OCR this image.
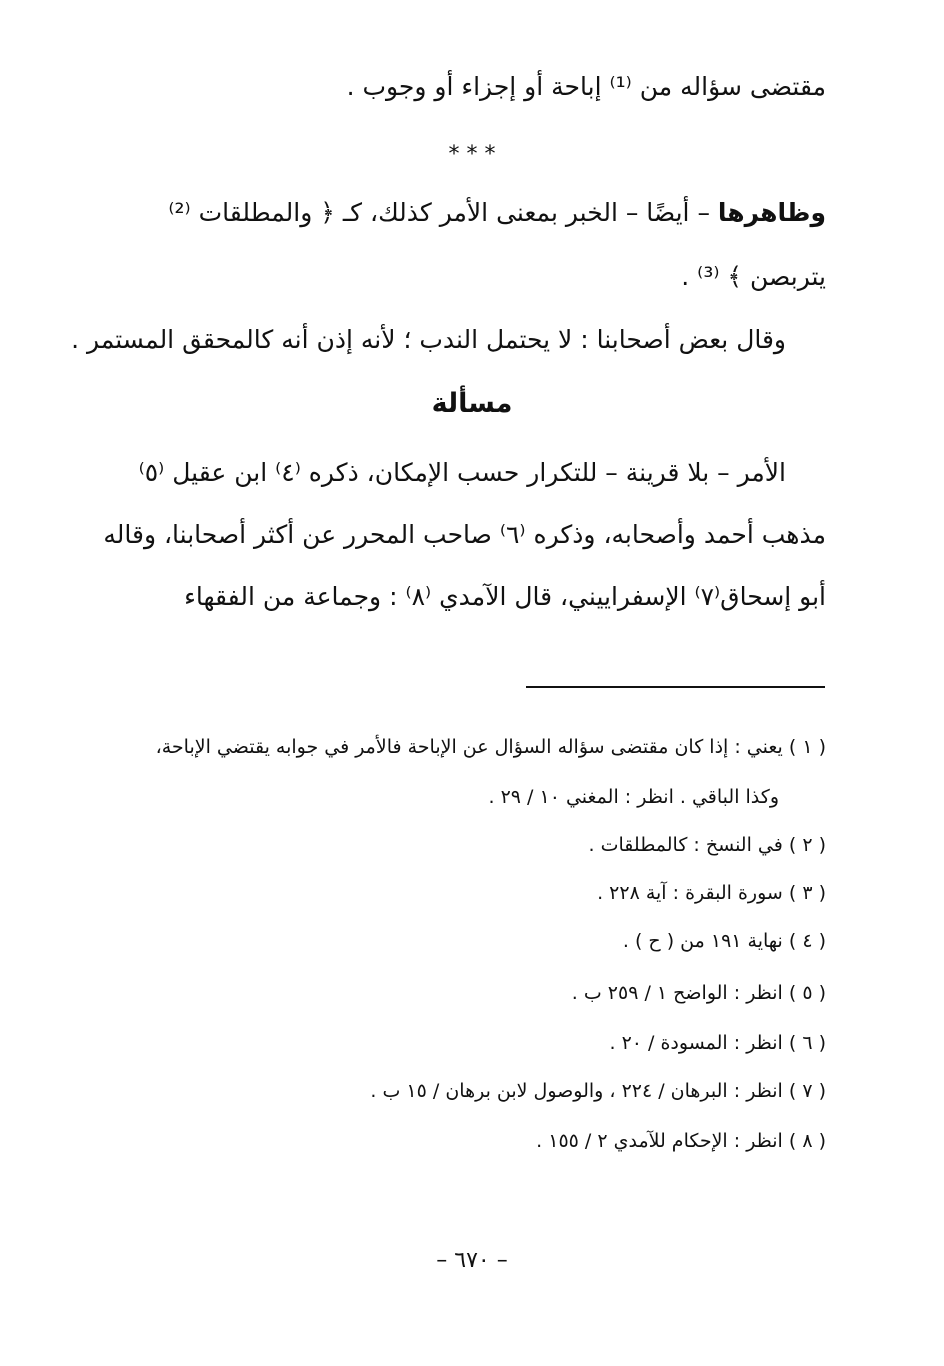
مقتضى سؤاله من ⁽¹⁾ إباحة أو إجزاء أو وجوب .
* * *
وظاهرها – أيضًا – الخبر بمعنى الأمر كذلك، كـ ﴿ والمطلقات ⁽²⁾
يتربصن ﴾ ⁽³⁾ .
وقال بعض أصحابنا : لا يحتمل الندب ؛ لأنه إذن أنه كالمحقق المستمر .
مسألة
الأمر – بلا قرينة – للتكرار حسب الإمكان، ذكره ⁽٤⁾ ابن عقيل ⁽٥⁾
مذهب أحمد وأصحابه، وذكره ⁽٦⁾ صاحب المحرر عن أكثر أصحابنا، وقاله
أبو إسحاق⁽٧⁾ الإسفراييني، قال الآمدي ⁽٨⁾ : وجماعة من الفقهاء
( ١ ) يعني : إذا كان مقتضى سؤاله السؤال عن الإباحة فالأمر في جوابه يقتضي الإباحة،
وكذا الباقي . انظر : المغني ١٠ / ٢٩ .
( ٢ ) في النسخ : كالمطلقات .
( ٣ ) سورة البقرة : آية ٢٢٨ .
( ٤ ) نهاية ١٩١ من ( ح ) .
( ٥ ) انظر : الواضح ١ / ٢٥٩ ب .
( ٦ ) انظر : المسودة / ٢٠ .
( ٧ ) انظر : البرهان / ٢٢٤ ، والوصول لابن برهان / ١٥ ب .
( ٨ ) انظر : الإحكام للآمدي ٢ / ١٥٥ .
– ٦٧٠ –
